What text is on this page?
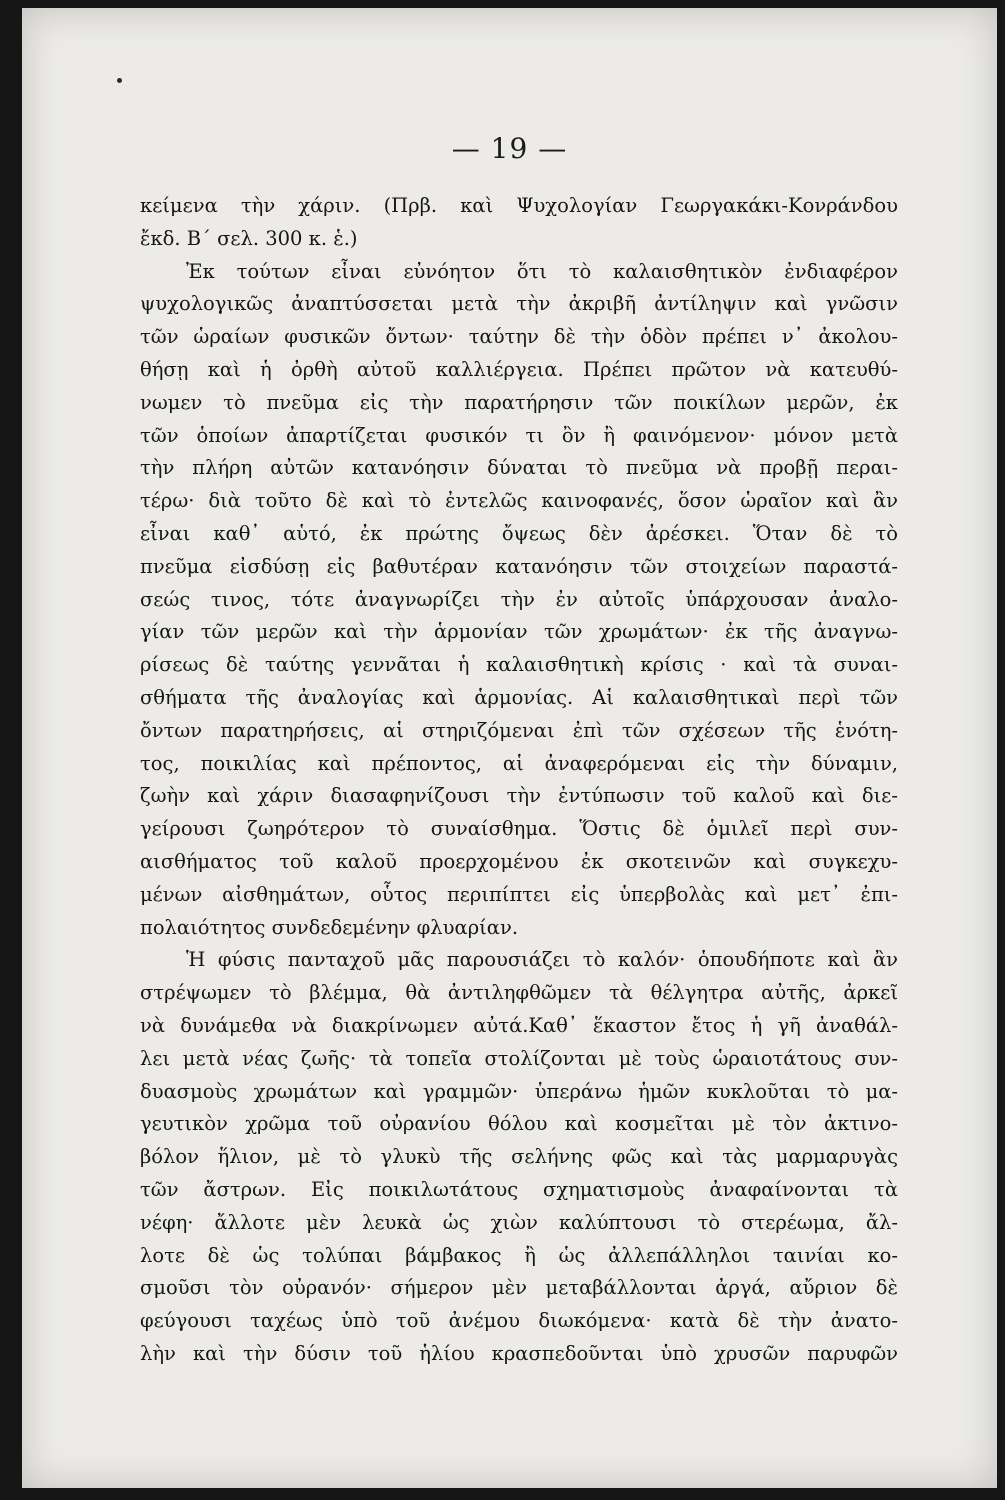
— 19 —
κείμενα τὴν χάριν. (Πρβ. καὶ Ψυχολογίαν Γεωργακάκι-Κονράνδου
ἔκδ. Β΄ σελ. 300 κ. ἑ.)
Ἐκ τούτων εἶναι εὐνόητον ὅτι τὸ καλαισθητικὸν ἐνδιαφέρον
ψυχολογικῶς ἀναπτύσσεται μετὰ τὴν ἀκριβῆ ἀντίληψιν καὶ γνῶσιν
τῶν ὡραίων φυσικῶν ὄντων· ταύτην δὲ τὴν ὁδὸν πρέπει ν᾽ ἀκολου-
θήσῃ καὶ ἡ ὀρθὴ αὐτοῦ καλλιέργεια. Πρέπει πρῶτον νὰ κατευθύ-
νωμεν τὸ πνεῦμα εἰς τὴν παρατήρησιν τῶν ποικίλων μερῶν, ἐκ
τῶν ὁποίων ἀπαρτίζεται φυσικόν τι ὂν ἢ φαινόμενον· μόνον μετὰ
τὴν πλήρη αὐτῶν κατανόησιν δύναται τὸ πνεῦμα νὰ προβῇ περαι-
τέρω· διὰ τοῦτο δὲ καὶ τὸ ἐντελῶς καινοφανές, ὅσον ὡραῖον καὶ ἂν
εἶναι καθ᾽ αὑτό, ἐκ πρώτης ὄψεως δὲν ἀρέσκει. Ὅταν δὲ τὸ
πνεῦμα εἰσδύσῃ εἰς βαθυτέραν κατανόησιν τῶν στοιχείων παραστά-
σεώς τινος, τότε ἀναγνωρίζει τὴν ἐν αὐτοῖς ὑπάρχουσαν ἀναλο-
γίαν τῶν μερῶν καὶ τὴν ἁρμονίαν τῶν χρωμάτων· ἐκ τῆς ἀναγνω-
ρίσεως δὲ ταύτης γεννᾶται ἡ καλαισθητικὴ κρίσις · καὶ τὰ συναι-
σθήματα τῆς ἀναλογίας καὶ ἁρμονίας. Αἱ καλαισθητικαὶ περὶ τῶν
ὄντων παρατηρήσεις, αἱ στηριζόμεναι ἐπὶ τῶν σχέσεων τῆς ἑνότη-
τος, ποικιλίας καὶ πρέποντος, αἱ ἀναφερόμεναι εἰς τὴν δύναμιν,
ζωὴν καὶ χάριν διασαφηνίζουσι τὴν ἐντύπωσιν τοῦ καλοῦ καὶ διε-
γείρουσι ζωηρότερον τὸ συναίσθημα. Ὅστις δὲ ὁμιλεῖ περὶ συν-
αισθήματος τοῦ καλοῦ προερχομένου ἐκ σκοτεινῶν καὶ συγκεχυ-
μένων αἰσθημάτων, οὗτος περιπίπτει εἰς ὑπερβολὰς καὶ μετ᾽ ἐπι-
πολαιότητος συνδεδεμένην φλυαρίαν.
Ἡ φύσις πανταχοῦ μᾶς παρουσιάζει τὸ καλόν· ὁπουδήποτε καὶ ἂν
στρέψωμεν τὸ βλέμμα, θὰ ἀντιληφθῶμεν τὰ θέλγητρα αὐτῆς, ἀρκεῖ
νὰ δυνάμεθα νὰ διακρίνωμεν αὐτά.Καθ᾽ ἕκαστον ἔτος ἡ γῆ ἀναθάλ-
λει μετὰ νέας ζωῆς· τὰ τοπεῖα στολίζονται μὲ τοὺς ὡραιοτάτους συν-
δυασμοὺς χρωμάτων καὶ γραμμῶν· ὑπεράνω ἡμῶν κυκλοῦται τὸ μα-
γευτικὸν χρῶμα τοῦ οὐρανίου θόλου καὶ κοσμεῖται μὲ τὸν ἀκτινο-
βόλον ἥλιον, μὲ τὸ γλυκὺ τῆς σελήνης φῶς καὶ τὰς μαρμαρυγὰς
τῶν ἄστρων. Εἰς ποικιλωτάτους σχηματισμοὺς ἀναφαίνονται τὰ
νέφη· ἄλλοτε μὲν λευκὰ ὡς χιὼν καλύπτουσι τὸ στερέωμα, ἄλ-
λοτε δὲ ὡς τολύπαι βάμβακος ἢ ὡς ἀλλεπάλληλοι ταινίαι κο-
σμοῦσι τὸν οὐρανόν· σήμερον μὲν μεταβάλλονται ἀργά, αὔριον δὲ
φεύγουσι ταχέως ὑπὸ τοῦ ἀνέμου διωκόμενα· κατὰ δὲ τὴν ἀνατο-
λὴν καὶ τὴν δύσιν τοῦ ἡλίου κρασπεδοῦνται ὑπὸ χρυσῶν παρυφῶν
